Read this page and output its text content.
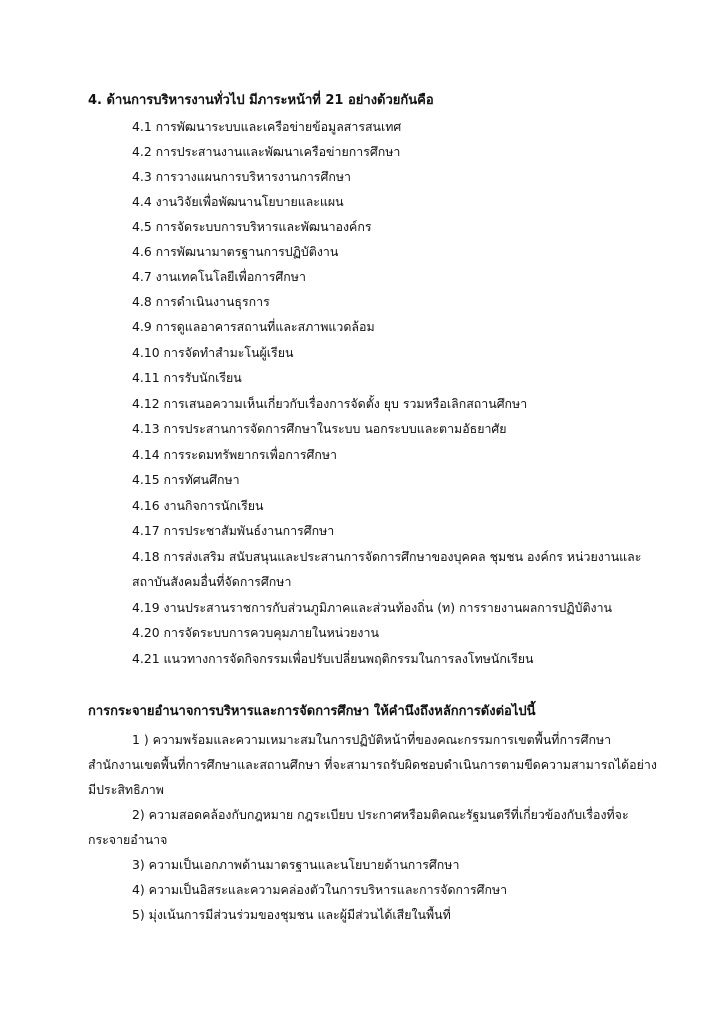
4. ด้านการบริหารงานทั่วไป มีภาระหน้าที่ 21 อย่างด้วยกันคือ
4.1 การพัฒนาระบบและเครือข่ายข้อมูลสารสนเทศ
4.2 การประสานงานและพัฒนาเครือข่ายการศึกษา
4.3 การวางแผนการบริหารงานการศึกษา
4.4 งานวิจัยเพื่อพัฒนานโยบายและแผน
4.5 การจัดระบบการบริหารและพัฒนาองค์กร
4.6 การพัฒนามาตรฐานการปฏิบัติงาน
4.7 งานเทคโนโลยีเพื่อการศึกษา
4.8 การดำเนินงานธุรการ
4.9 การดูแลอาคารสถานที่และสภาพแวดล้อม
4.10 การจัดทำสำมะโนผู้เรียน
4.11 การรับนักเรียน
4.12 การเสนอความเห็นเกี่ยวกับเรื่องการจัดตั้ง ยุบ รวมหรือเลิกสถานศึกษา
4.13 การประสานการจัดการศึกษาในระบบ นอกระบบและตามอัธยาศัย
4.14 การระดมทรัพยากรเพื่อการศึกษา
4.15 การทัศนศึกษา
4.16 งานกิจการนักเรียน
4.17 การประชาสัมพันธ์งานการศึกษา
4.18 การส่งเสริม สนับสนุนและประสานการจัดการศึกษาของบุคคล ชุมชน องค์กร หน่วยงานและ
สถาบันสังคมอื่นที่จัดการศึกษา
4.19 งานประสานราชการกับส่วนภูมิภาคและส่วนท้องถิ่น (ท) การรายงานผลการปฏิบัติงาน
4.20 การจัดระบบการควบคุมภายในหน่วยงาน
4.21 แนวทางการจัดกิจกรรมเพื่อปรับเปลี่ยนพฤติกรรมในการลงโทษนักเรียน
การกระจายอำนาจการบริหารและการจัดการศึกษา ให้คำนึงถึงหลักการดังต่อไปนี้
1 ) ความพร้อมและความเหมาะสมในการปฏิบัติหน้าที่ของคณะกรรมการเขตพื้นที่การศึกษา
สำนักงานเขตพื้นที่การศึกษาและสถานศึกษา ที่จะสามารถรับผิดชอบดำเนินการตามขีดความสามารถได้อย่าง
มีประสิทธิภาพ
2) ความสอดคล้องกับกฎหมาย กฎระเบียบ ประกาศหรือมติคณะรัฐมนตรีที่เกี่ยวข้องกับเรื่องที่จะ
กระจายอำนาจ
3) ความเป็นเอกภาพด้านมาตรฐานและนโยบายด้านการศึกษา
4) ความเป็นอิสระและความคล่องตัวในการบริหารและการจัดการศึกษา
5) มุ่งเน้นการมีส่วนร่วมของชุมชน และผู้มีส่วนได้เสียในพื้นที่
